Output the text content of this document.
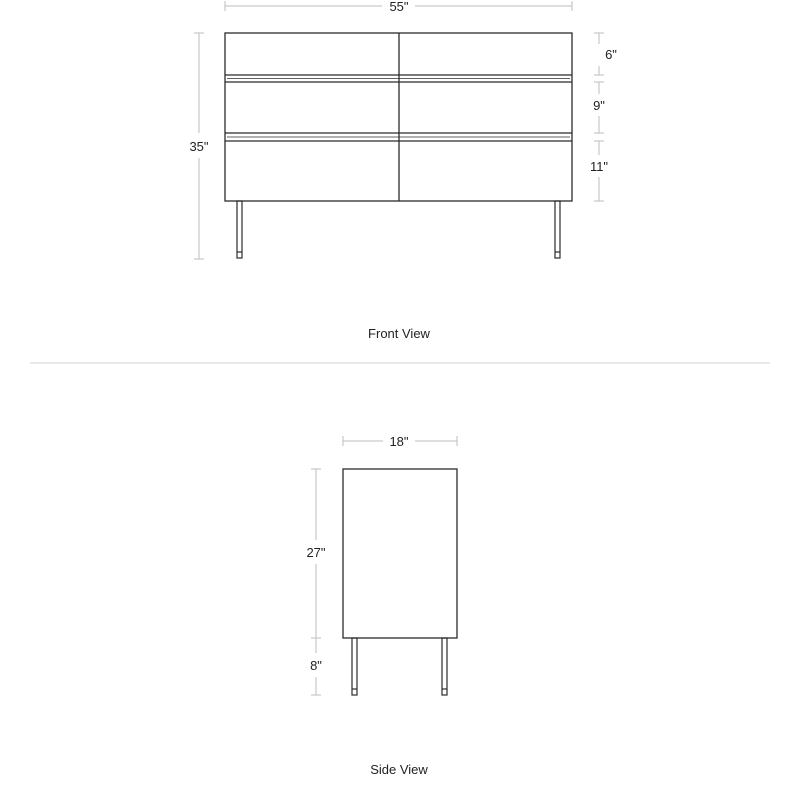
55"
35"
6"
9"
11"
Front View
18"
27"
8"
Side View
